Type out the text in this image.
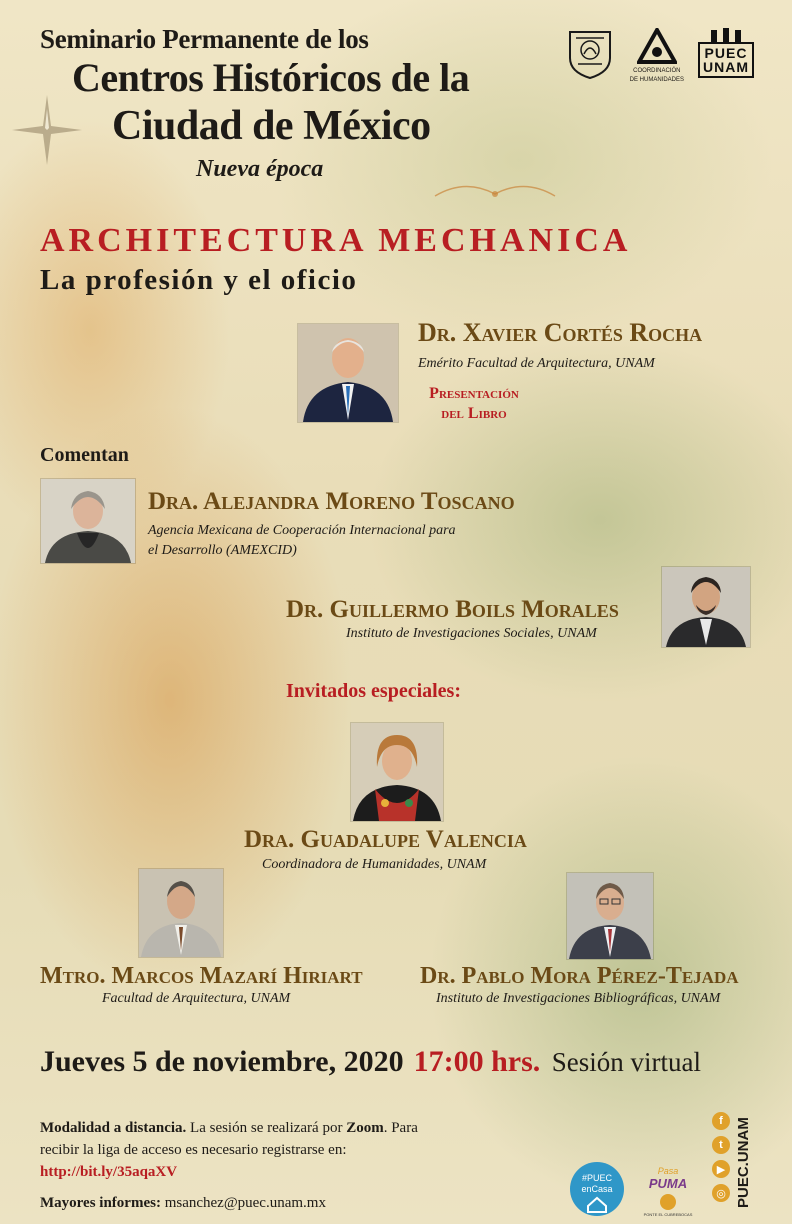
Seminario Permanente de los
Centros Históricos de la
Ciudad de México
Nueva época
COORDINACIÓN
DE HUMANIDADES
PUEC
UNAM
ARCHITECTURA MECHANICA
La profesión y el oficio
Dr. Xavier Cortés Rocha
Emérito Facultad de Arquitectura, UNAM
Presentación
del Libro
Comentan
Dra. Alejandra Moreno Toscano
Agencia Mexicana de Cooperación Internacional para
el Desarrollo (AMEXCID)
Dr. Guillermo Boils Morales
Instituto de Investigaciones Sociales, UNAM
Invitados especiales:
Dra. Guadalupe Valencia
Coordinadora de Humanidades, UNAM
Mtro. Marcos Mazarí Hiriart
Facultad de Arquitectura, UNAM
Dr. Pablo Mora Pérez-Tejada
Instituto de Investigaciones Bibliográficas, UNAM
Jueves 5 de noviembre, 2020 17:00 hrs. Sesión virtual
Modalidad a distancia. La sesión se realizará por Zoom. Para recibir la liga de acceso es necesario registrarse en: http://bit.ly/35aqaXV
Mayores informes: msanchez@puec.unam.mx
#PUEC
enCasa
Pasa
PUMA
PONTE EL CUBREBOCAS
f
t
▶
◎ PUEC.UNAM
